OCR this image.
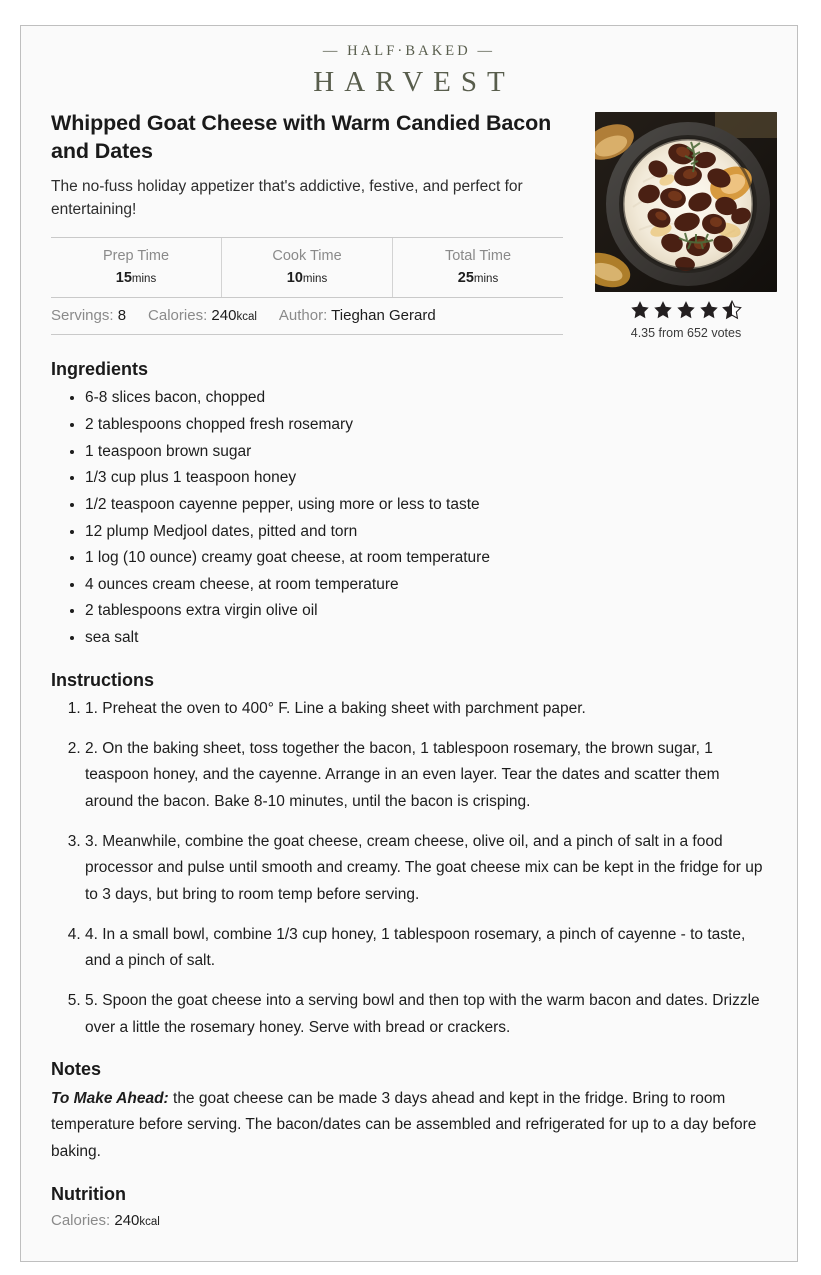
— HALF·BAKED —
HARVEST
Whipped Goat Cheese with Warm Candied Bacon and Dates

The no-fuss holiday appetizer that's addictive, festive, and perfect for entertaining!

Prep Time
15mins
Cook Time
10mins
Total Time
25mins
Servings: 8 Calories: 240kcal Author: Tieghan Gerard
4.35 from 652 votes
Ingredients
• 6-8 slices bacon, chopped
• 2 tablespoons chopped fresh rosemary
• 1 teaspoon brown sugar
• 1/3 cup plus 1 teaspoon honey
• 1/2 teaspoon cayenne pepper, using more or less to taste
• 12 plump Medjool dates, pitted and torn
• 1 log (10 ounce) creamy goat cheese, at room temperature
• 4 ounces cream cheese, at room temperature
• 2 tablespoons extra virgin olive oil
• sea salt
Instructions
1. 1. Preheat the oven to 400° F. Line a baking sheet with parchment paper.
2. 2. On the baking sheet, toss together the bacon, 1 tablespoon rosemary, the brown sugar, 1 teaspoon honey, and the cayenne. Arrange in an even layer. Tear the dates and scatter them around the bacon. Bake 8-10 minutes, until the bacon is crisping.
3. 3. Meanwhile, combine the goat cheese, cream cheese, olive oil, and a pinch of salt in a food processor and pulse until smooth and creamy. The goat cheese mix can be kept in the fridge for up to 3 days, but bring to room temp before serving.
4. 4. In a small bowl, combine 1/3 cup honey, 1 tablespoon rosemary, a pinch of cayenne - to taste, and a pinch of salt.
5. 5. Spoon the goat cheese into a serving bowl and then top with the warm bacon and dates. Drizzle over a little the rosemary honey. Serve with bread or crackers.
Notes

To Make Ahead: the goat cheese can be made 3 days ahead and kept in the fridge. Bring to room temperature before serving. The bacon/dates can be assembled and refrigerated for up to a day before baking.

Nutrition

Calories: 240kcal
